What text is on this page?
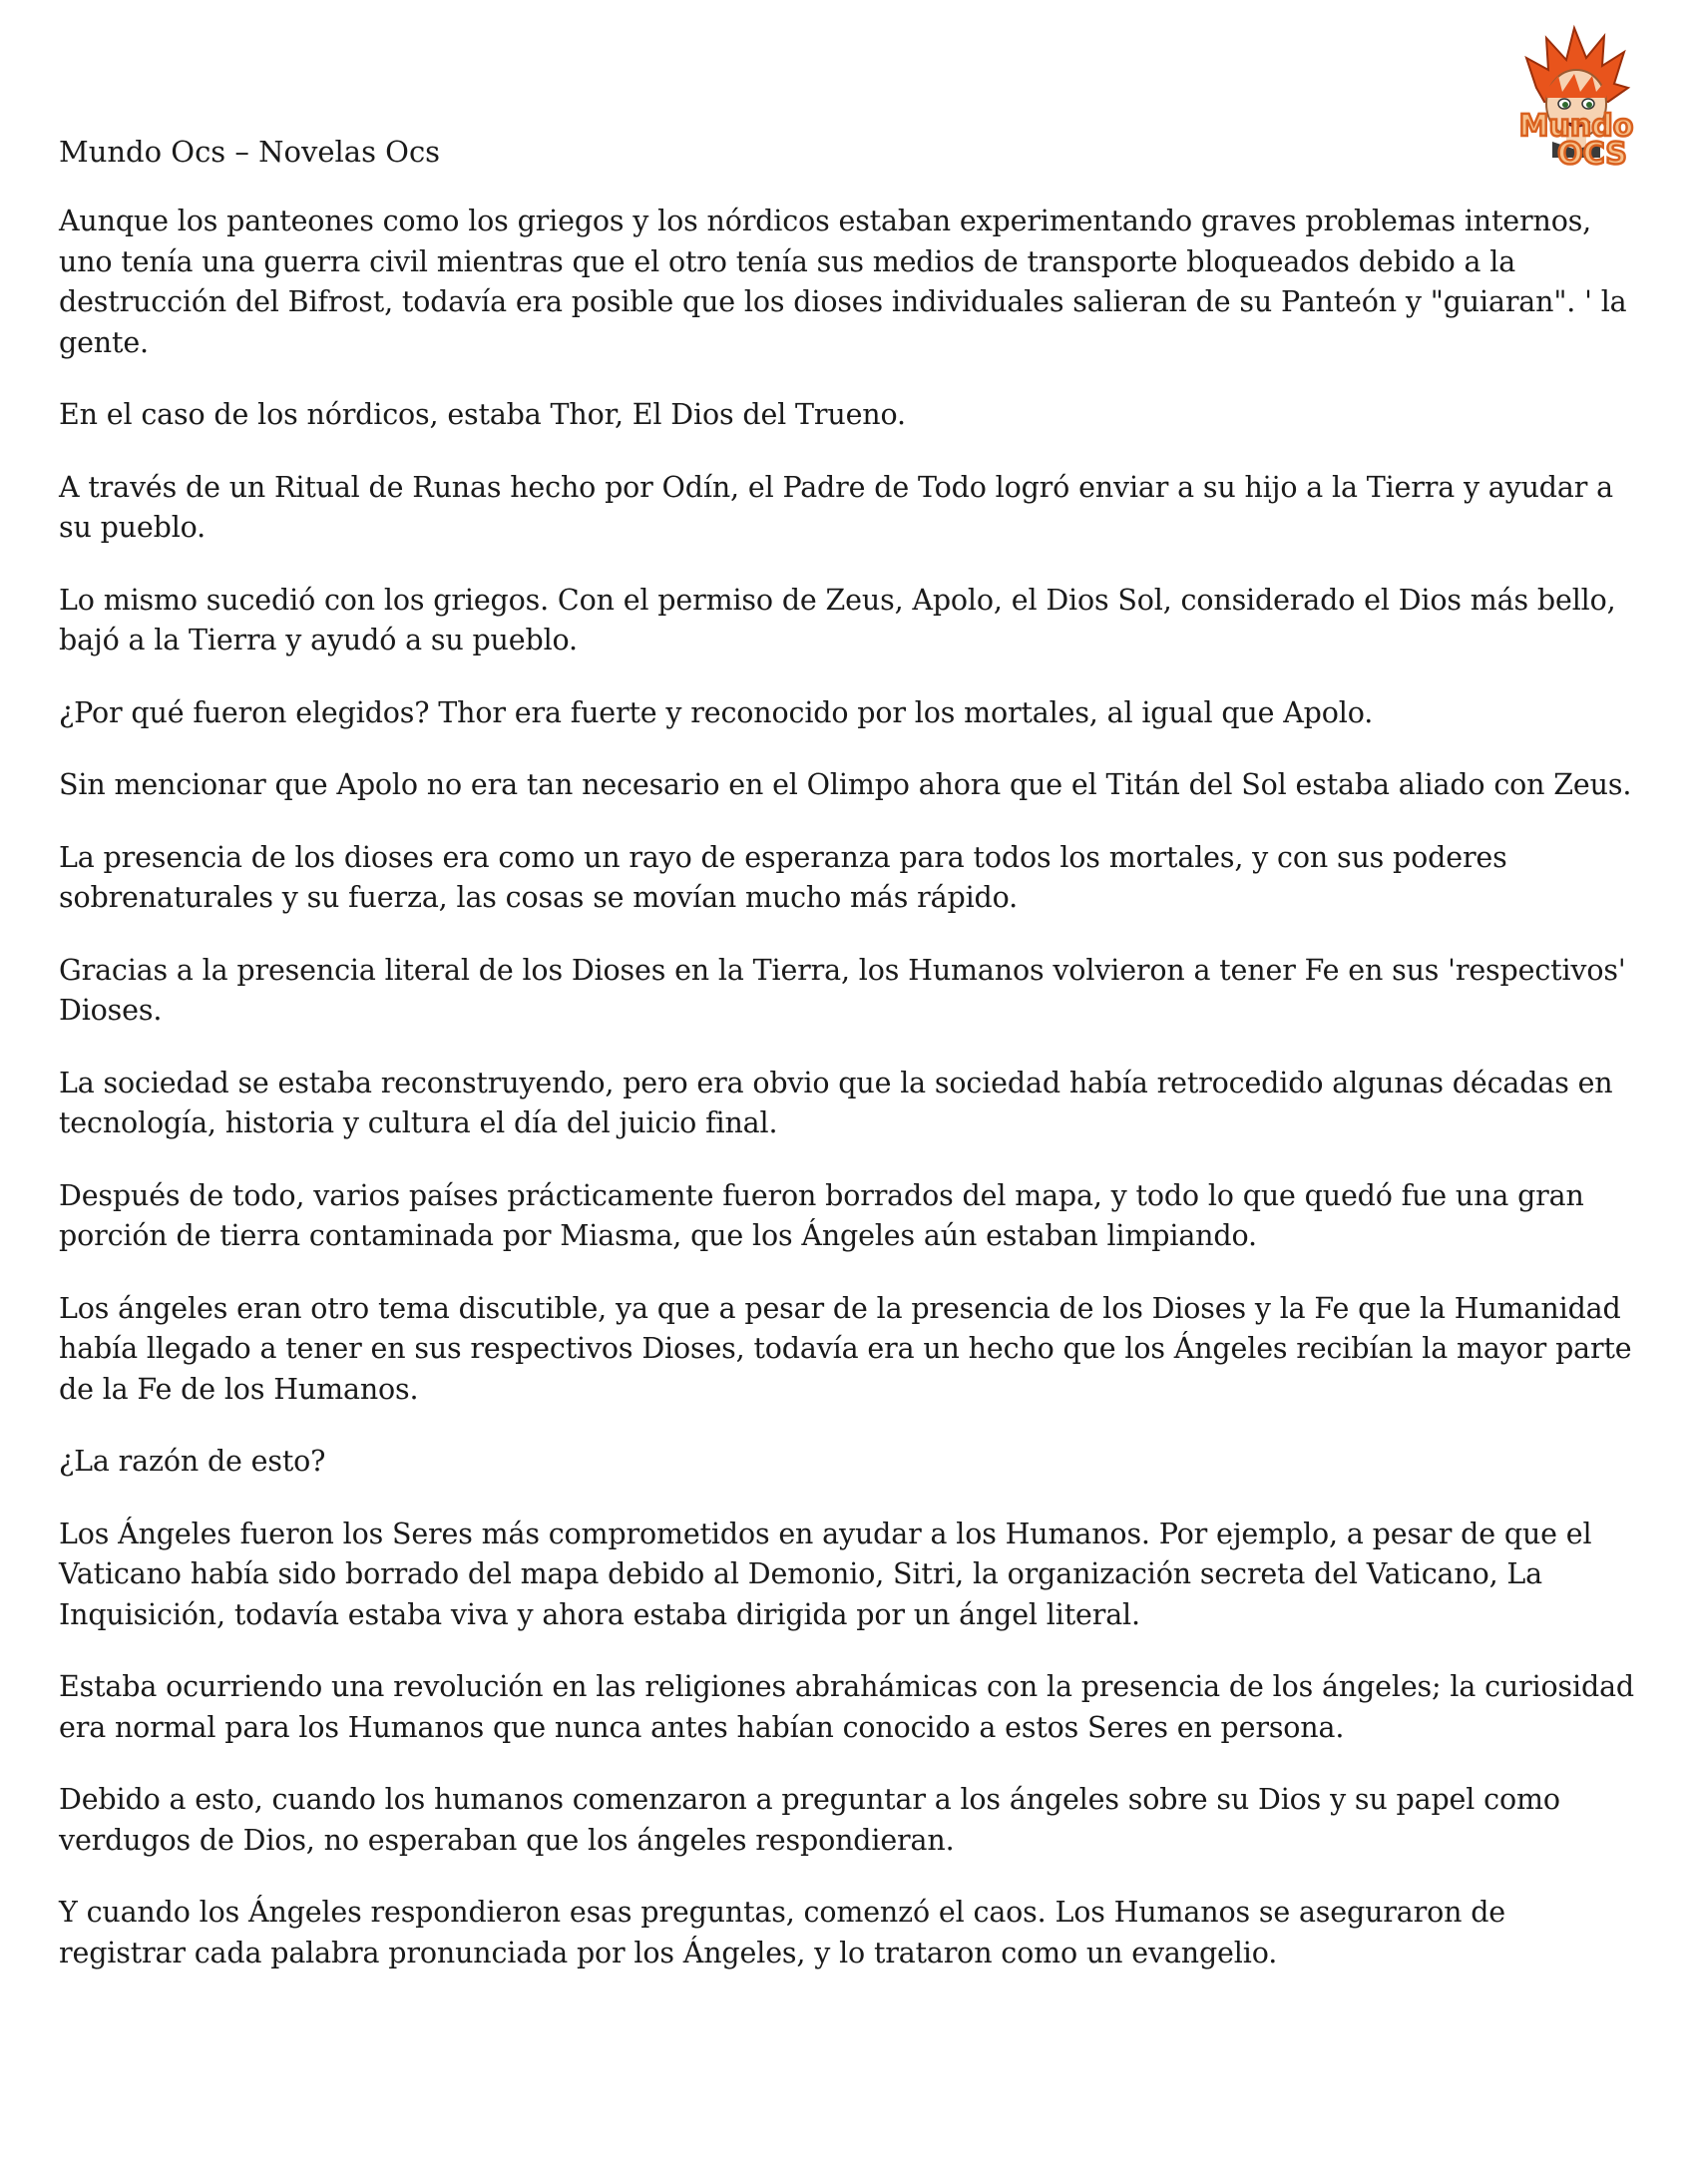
Mundo
OCS

Mundo Ocs – Novelas Ocs

Aunque los panteones como los griegos y los nórdicos estaban experimentando graves problemas internos, uno tenía una guerra civil mientras que el otro tenía sus medios de transporte bloqueados debido a la destrucción del Bifrost, todavía era posible que los dioses individuales salieran de su Panteón y "guiaran". ' la gente.

En el caso de los nórdicos, estaba Thor, El Dios del Trueno.

A través de un Ritual de Runas hecho por Odín, el Padre de Todo logró enviar a su hijo a la Tierra y ayudar a su pueblo.

Lo mismo sucedió con los griegos. Con el permiso de Zeus, Apolo, el Dios Sol, considerado el Dios más bello, bajó a la Tierra y ayudó a su pueblo.

¿Por qué fueron elegidos? Thor era fuerte y reconocido por los mortales, al igual que Apolo.

Sin mencionar que Apolo no era tan necesario en el Olimpo ahora que el Titán del Sol estaba aliado con Zeus.

La presencia de los dioses era como un rayo de esperanza para todos los mortales, y con sus poderes sobrenaturales y su fuerza, las cosas se movían mucho más rápido.

Gracias a la presencia literal de los Dioses en la Tierra, los Humanos volvieron a tener Fe en sus 'respectivos' Dioses.

La sociedad se estaba reconstruyendo, pero era obvio que la sociedad había retrocedido algunas décadas en tecnología, historia y cultura el día del juicio final.

Después de todo, varios países prácticamente fueron borrados del mapa, y todo lo que quedó fue una gran porción de tierra contaminada por Miasma, que los Ángeles aún estaban limpiando.

Los ángeles eran otro tema discutible, ya que a pesar de la presencia de los Dioses y la Fe que la Humanidad había llegado a tener en sus respectivos Dioses, todavía era un hecho que los Ángeles recibían la mayor parte de la Fe de los Humanos.

¿La razón de esto?

Los Ángeles fueron los Seres más comprometidos en ayudar a los Humanos. Por ejemplo, a pesar de que el Vaticano había sido borrado del mapa debido al Demonio, Sitri, la organización secreta del Vaticano, La Inquisición, todavía estaba viva y ahora estaba dirigida por un ángel literal.

Estaba ocurriendo una revolución en las religiones abrahámicas con la presencia de los ángeles; la curiosidad era normal para los Humanos que nunca antes habían conocido a estos Seres en persona.

Debido a esto, cuando los humanos comenzaron a preguntar a los ángeles sobre su Dios y su papel como verdugos de Dios, no esperaban que los ángeles respondieran.

Y cuando los Ángeles respondieron esas preguntas, comenzó el caos. Los Humanos se aseguraron de registrar cada palabra pronunciada por los Ángeles, y lo trataron como un evangelio.
